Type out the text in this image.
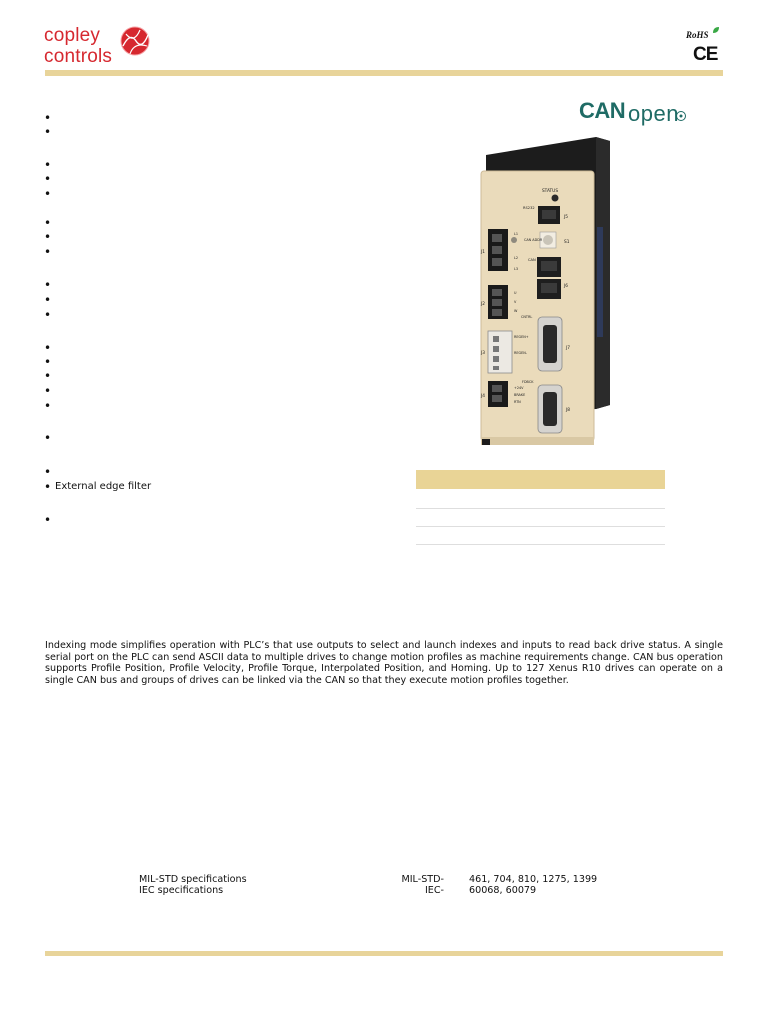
copley
controls
RoHS
CE
CAN open
•
•
•
•
•
•
•
•
•
•
•
•
•
•
•
•
•
•
• External edge filter
•
STATUS
RS232
J5
CAN ADDR	S1
CAN
J6
J1
L1
L2
L3
J2
U
V
W
CNTRL
J7
REGEN+
REGEN-
J3
J4
FDBCK
+24V
BRAKE
RTN
J8
Indexing mode simplifies operation with PLC’s that use outputs to select and launch indexes and inputs to read back drive status. A single serial port on the PLC can send ASCII data to multiple drives to change motion profiles as machine requirements change. CAN bus operation supports Profile Position, Profile Velocity, Profile Torque, Interpolated Position, and Homing. Up to 127 Xenus R10 drives can operate on a single CAN bus and groups of drives can be linked via the CAN so that they execute motion profiles together.
MIL-STD specifications
IEC specifications
MIL-STD-
IEC-
461, 704, 810, 1275, 1399
60068, 60079
